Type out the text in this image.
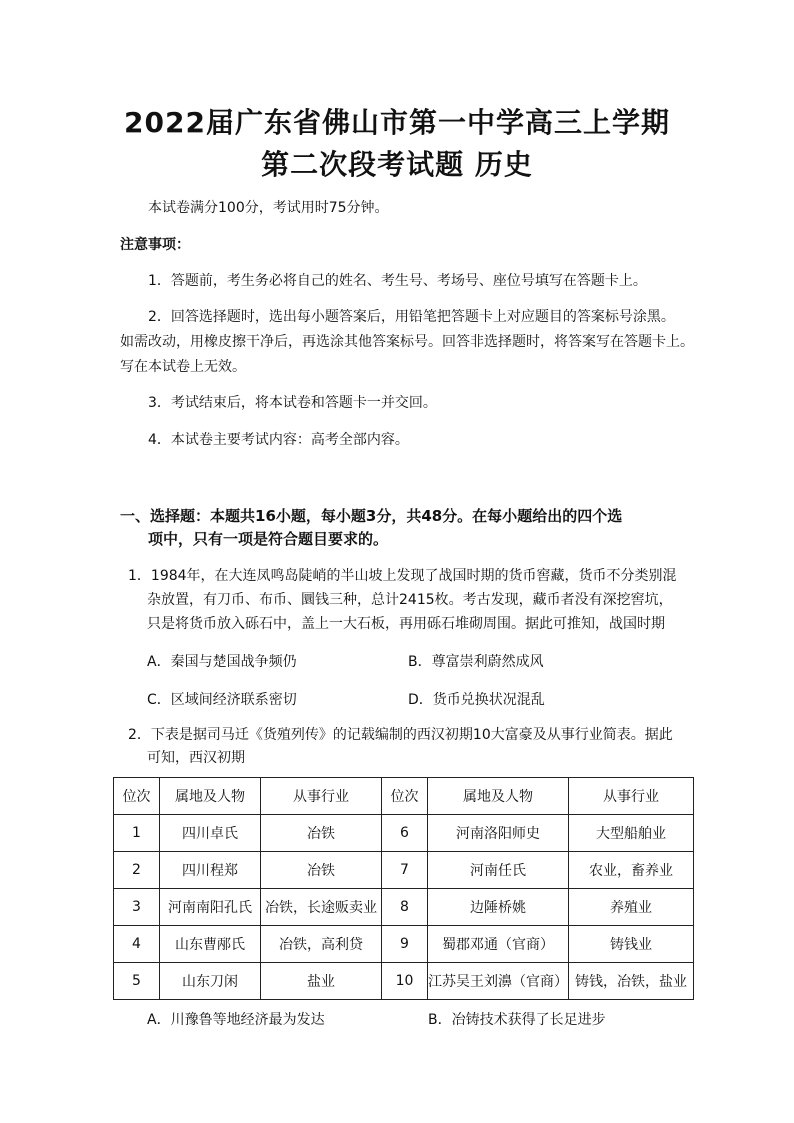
2022届广东省佛山市第一中学高三上学期
第二次段考试题 历史
本试卷满分100分，考试用时75分钟。
注意事项：
1．答题前，考生务必将自己的姓名、考生号、考场号、座位号填写在答题卡上。
2．回答选择题时，选出每小题答案后，用铅笔把答题卡上对应题目的答案标号涂黑。
如需改动，用橡皮擦干净后，再选涂其他答案标号。回答非选择题时，将答案写在答题卡上。
写在本试卷上无效。
3．考试结束后，将本试卷和答题卡一并交回。
4．本试卷主要考试内容：高考全部内容。
一、选择题：本题共16小题，每小题3分，共48分。在每小题给出的四个选
项中，只有一项是符合题目要求的。
1．1984年，在大连凤鸣岛陡峭的半山坡上发现了战国时期的货币窖藏，货币不分类别混
杂放置，有刀币、布币、圜钱三种，总计2415枚。考古发现，藏币者没有深挖窖坑，
只是将货币放入砾石中，盖上一大石板，再用砾石堆砌周围。据此可推知，战国时期
A．秦国与楚国战争频仍	B．尊富崇利蔚然成风
C．区域间经济联系密切	D．货币兑换状况混乱
2．下表是据司马迁《货殖列传》的记载编制的西汉初期10大富豪及从事行业简表。据此
可知，西汉初期
位次	属地及人物	从事行业	位次	属地及人物	从事行业
1	四川卓氏	冶铁	6	河南洛阳师史	大型船舶业
2	四川程郑	冶铁	7	河南任氏	农业，畜养业
3	河南南阳孔氏	冶铁，长途贩卖业	8	边陲桥姚	养殖业
4	山东曹邴氏	冶铁，高利贷	9	蜀郡邓通（官商）	铸钱业
5	山东刀闲	盐业	10	江苏吴王刘濞（官商）	铸钱，冶铁，盐业
A．川豫鲁等地经济最为发达	B．冶铸技术获得了长足进步
